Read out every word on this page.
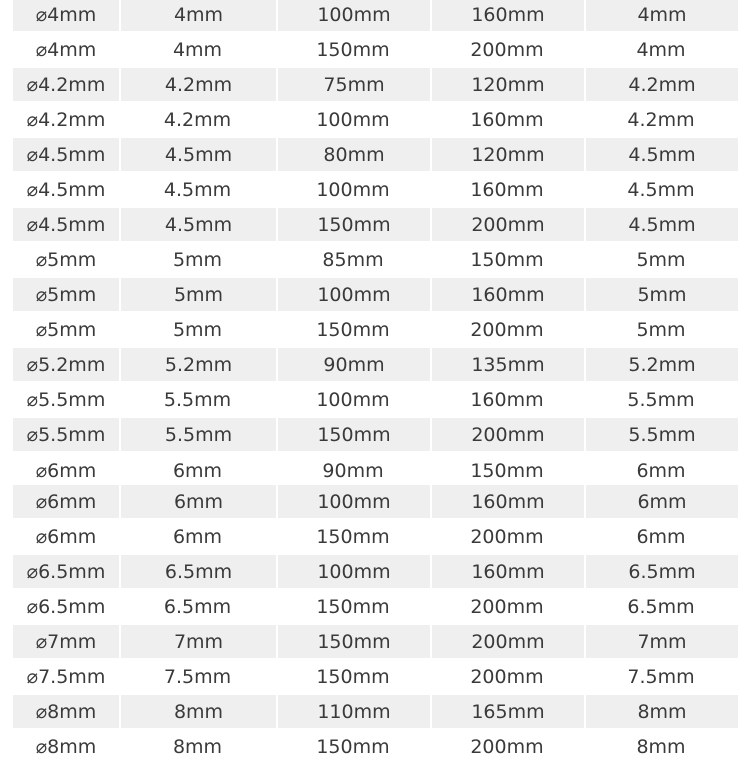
⌀4mm	4mm	100mm	160mm	4mm
⌀4mm	4mm	150mm	200mm	4mm
⌀4.2mm	4.2mm	75mm	120mm	4.2mm
⌀4.2mm	4.2mm	100mm	160mm	4.2mm
⌀4.5mm	4.5mm	80mm	120mm	4.5mm
⌀4.5mm	4.5mm	100mm	160mm	4.5mm
⌀4.5mm	4.5mm	150mm	200mm	4.5mm
⌀5mm	5mm	85mm	150mm	5mm
⌀5mm	5mm	100mm	160mm	5mm
⌀5mm	5mm	150mm	200mm	5mm
⌀5.2mm	5.2mm	90mm	135mm	5.2mm
⌀5.5mm	5.5mm	100mm	160mm	5.5mm
⌀5.5mm	5.5mm	150mm	200mm	5.5mm
⌀6mm	6mm	90mm	150mm	6mm
⌀6mm	6mm	100mm	160mm	6mm
⌀6mm	6mm	150mm	200mm	6mm
⌀6.5mm	6.5mm	100mm	160mm	6.5mm
⌀6.5mm	6.5mm	150mm	200mm	6.5mm
⌀7mm	7mm	150mm	200mm	7mm
⌀7.5mm	7.5mm	150mm	200mm	7.5mm
⌀8mm	8mm	110mm	165mm	8mm
⌀8mm	8mm	150mm	200mm	8mm
